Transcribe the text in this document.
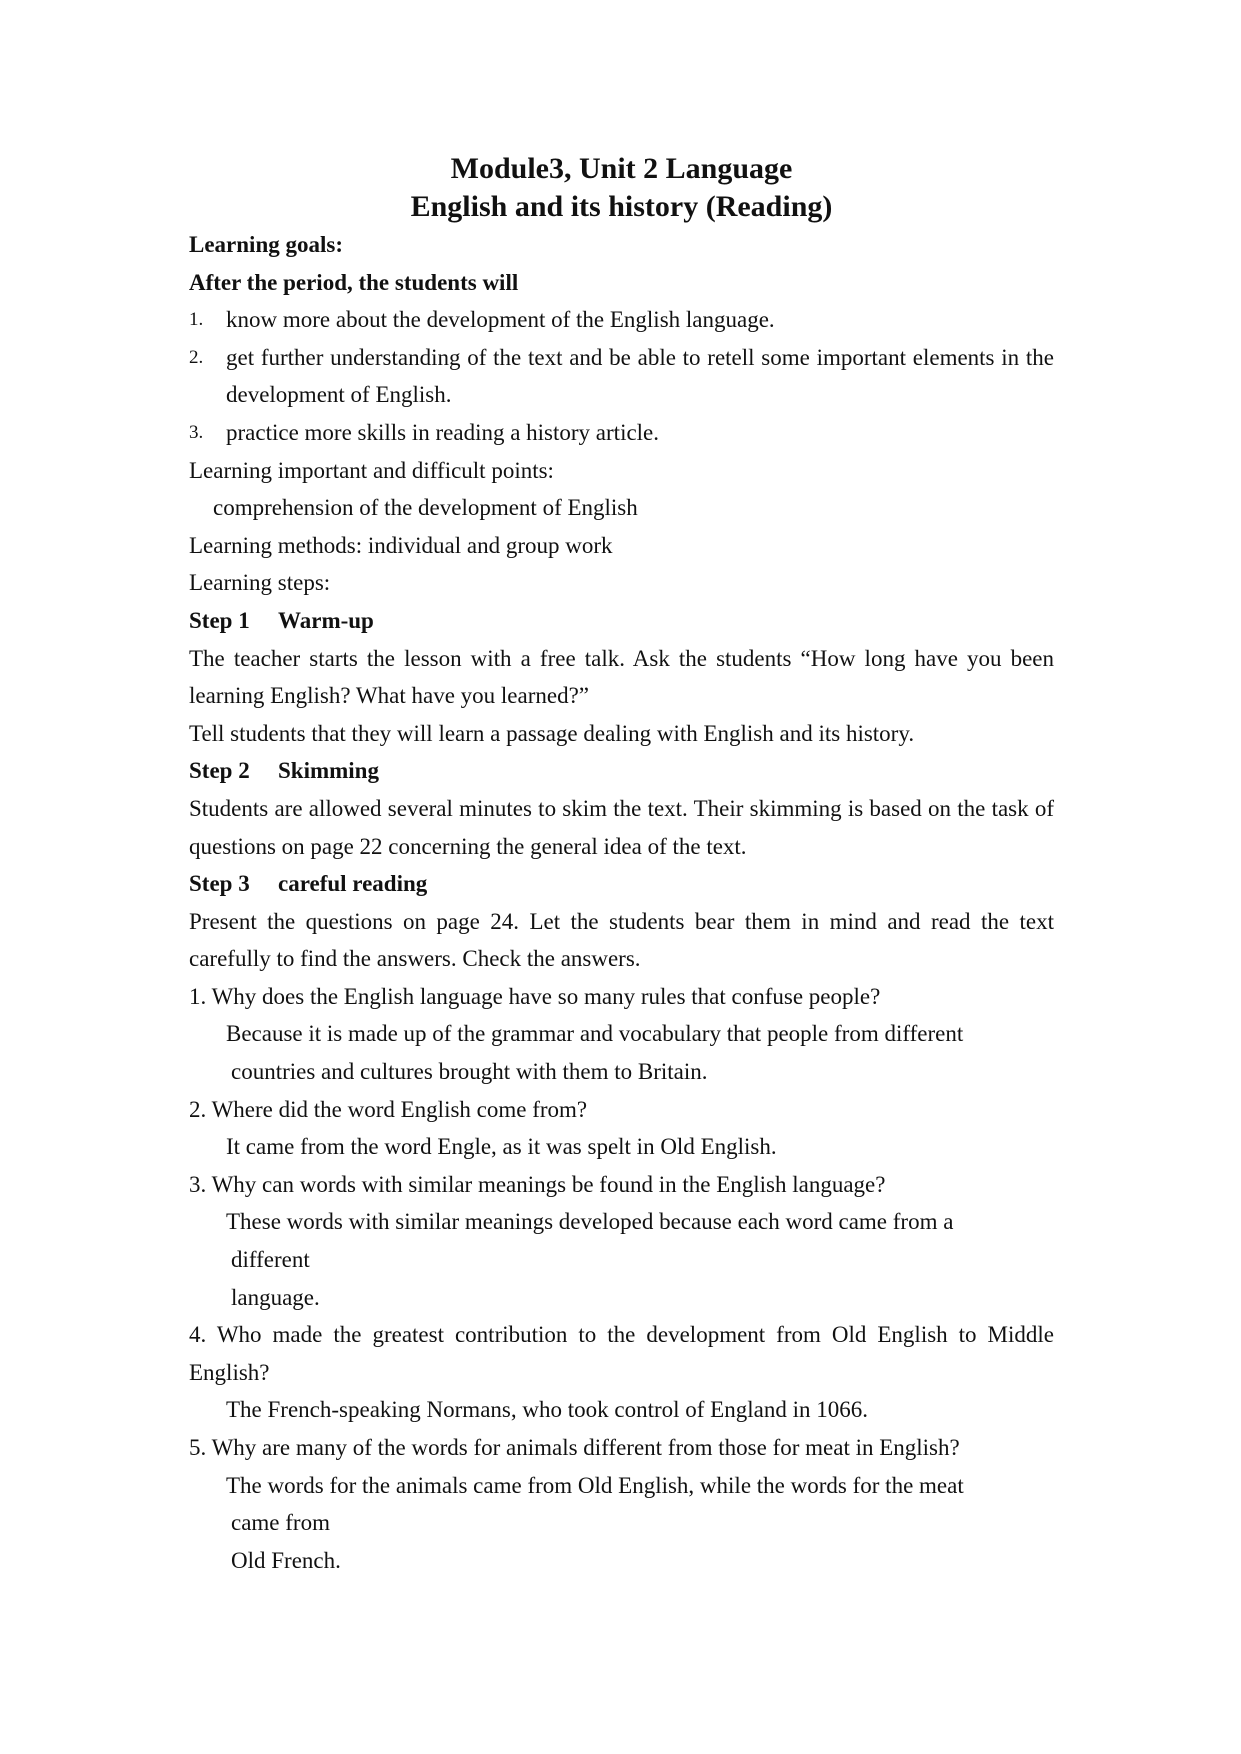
Module3, Unit 2 Language
English and its history (Reading)

Learning goals:

After the period, the students will

1. know more about the development of the English language.
2. get further understanding of the text and be able to retell some important elements in the development of English.
3. practice more skills in reading a history article.

Learning important and difficult points:

comprehension of the development of English

Learning methods: individual and group work

Learning steps:

Step 1 Warm-up

The teacher starts the lesson with a free talk. Ask the students “How long have you been learning English? What have you learned?”

Tell students that they will learn a passage dealing with English and its history.

Step 2 Skimming

Students are allowed several minutes to skim the text. Their skimming is based on the task of questions on page 22 concerning the general idea of the text.

Step 3 careful reading

Present the questions on page 24. Let the students bear them in mind and read the text carefully to find the answers. Check the answers.

1. Why does the English language have so many rules that confuse people?

Because it is made up of the grammar and vocabulary that people from different
countries and cultures brought with them to Britain.

2. Where did the word English come from?

It came from the word Engle, as it was spelt in Old English.

3. Why can words with similar meanings be found in the English language?

These words with similar meanings developed because each word came from a
different
language.

4. Who made the greatest contribution to the development from Old English to Middle English?

The French-speaking Normans, who took control of England in 1066.

5. Why are many of the words for animals different from those for meat in English?

The words for the animals came from Old English, while the words for the meat
came from
Old French.
